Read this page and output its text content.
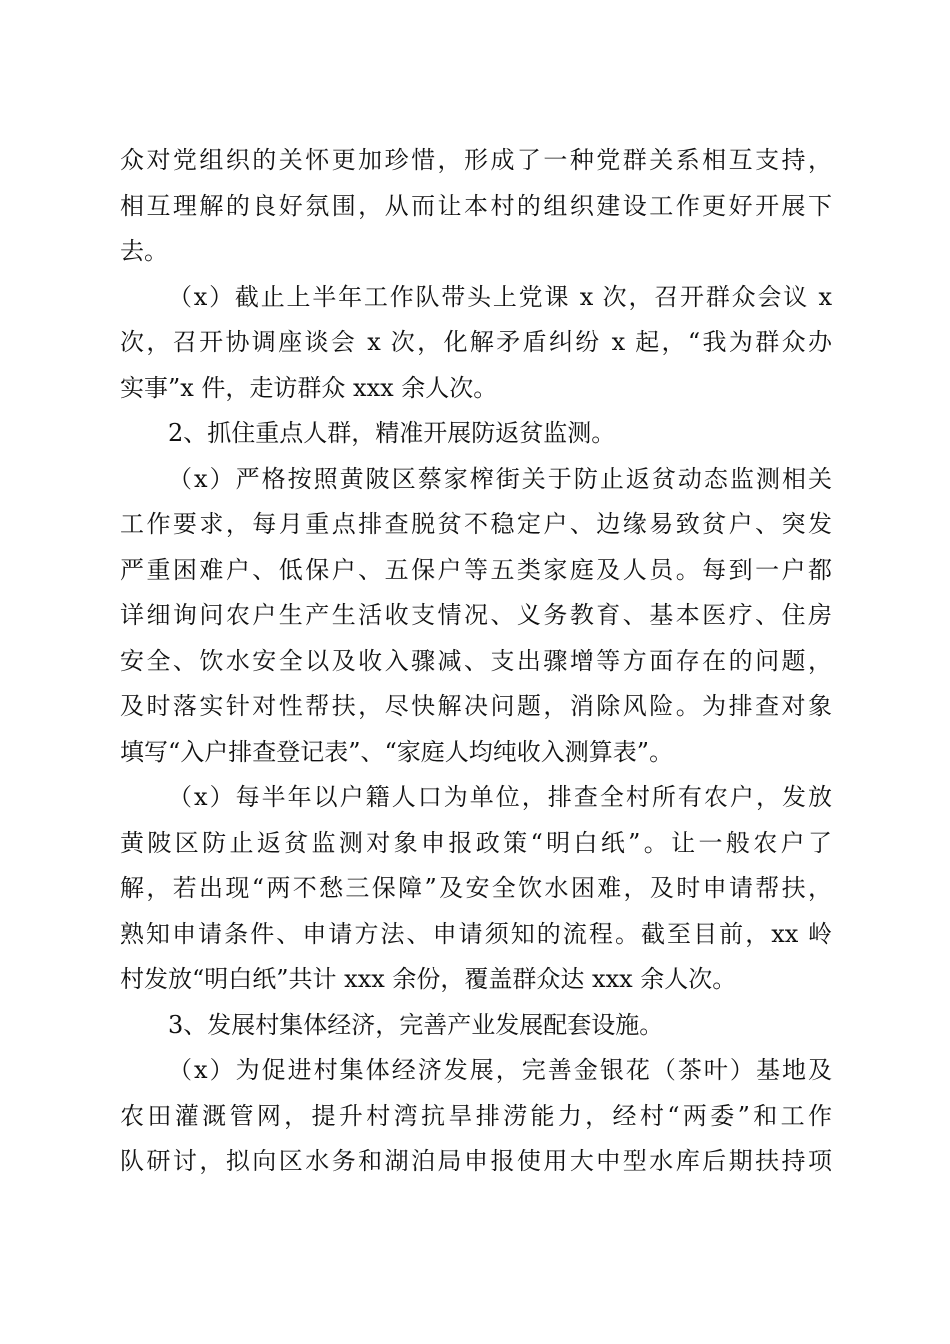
众对党组织的关怀更加珍惜，形成了一种党群关系相互支持，
相互理解的良好氛围，从而让本村的组织建设工作更好开展下
去。
（x）截止上半年工作队带头上党课 x 次，召开群众会议 x
次，召开协调座谈会 x 次，化解矛盾纠纷 x 起，“我为群众办
实事”x 件，走访群众 xxx 余人次。
2、抓住重点人群，精准开展防返贫监测。
（x）严格按照黄陂区蔡家榨街关于防止返贫动态监测相关
工作要求，每月重点排查脱贫不稳定户、边缘易致贫户、突发
严重困难户、低保户、五保户等五类家庭及人员。每到一户都
详细询问农户生产生活收支情况、义务教育、基本医疗、住房
安全、饮水安全以及收入骤减、支出骤增等方面存在的问题，
及时落实针对性帮扶，尽快解决问题，消除风险。为排查对象
填写“入户排查登记表”、“家庭人均纯收入测算表”。
（x）每半年以户籍人口为单位，排查全村所有农户，发放
黄陂区防止返贫监测对象申报政策“明白纸”。让一般农户了
解，若出现“两不愁三保障”及安全饮水困难，及时申请帮扶，
熟知申请条件、申请方法、申请须知的流程。截至目前，xx 岭
村发放“明白纸”共计 xxx 余份，覆盖群众达 xxx 余人次。
3、发展村集体经济，完善产业发展配套设施。
（x）为促进村集体经济发展，完善金银花（茶叶）基地及
农田灌溉管网，提升村湾抗旱排涝能力，经村“两委”和工作
队研讨，拟向区水务和湖泊局申报使用大中型水库后期扶持项
